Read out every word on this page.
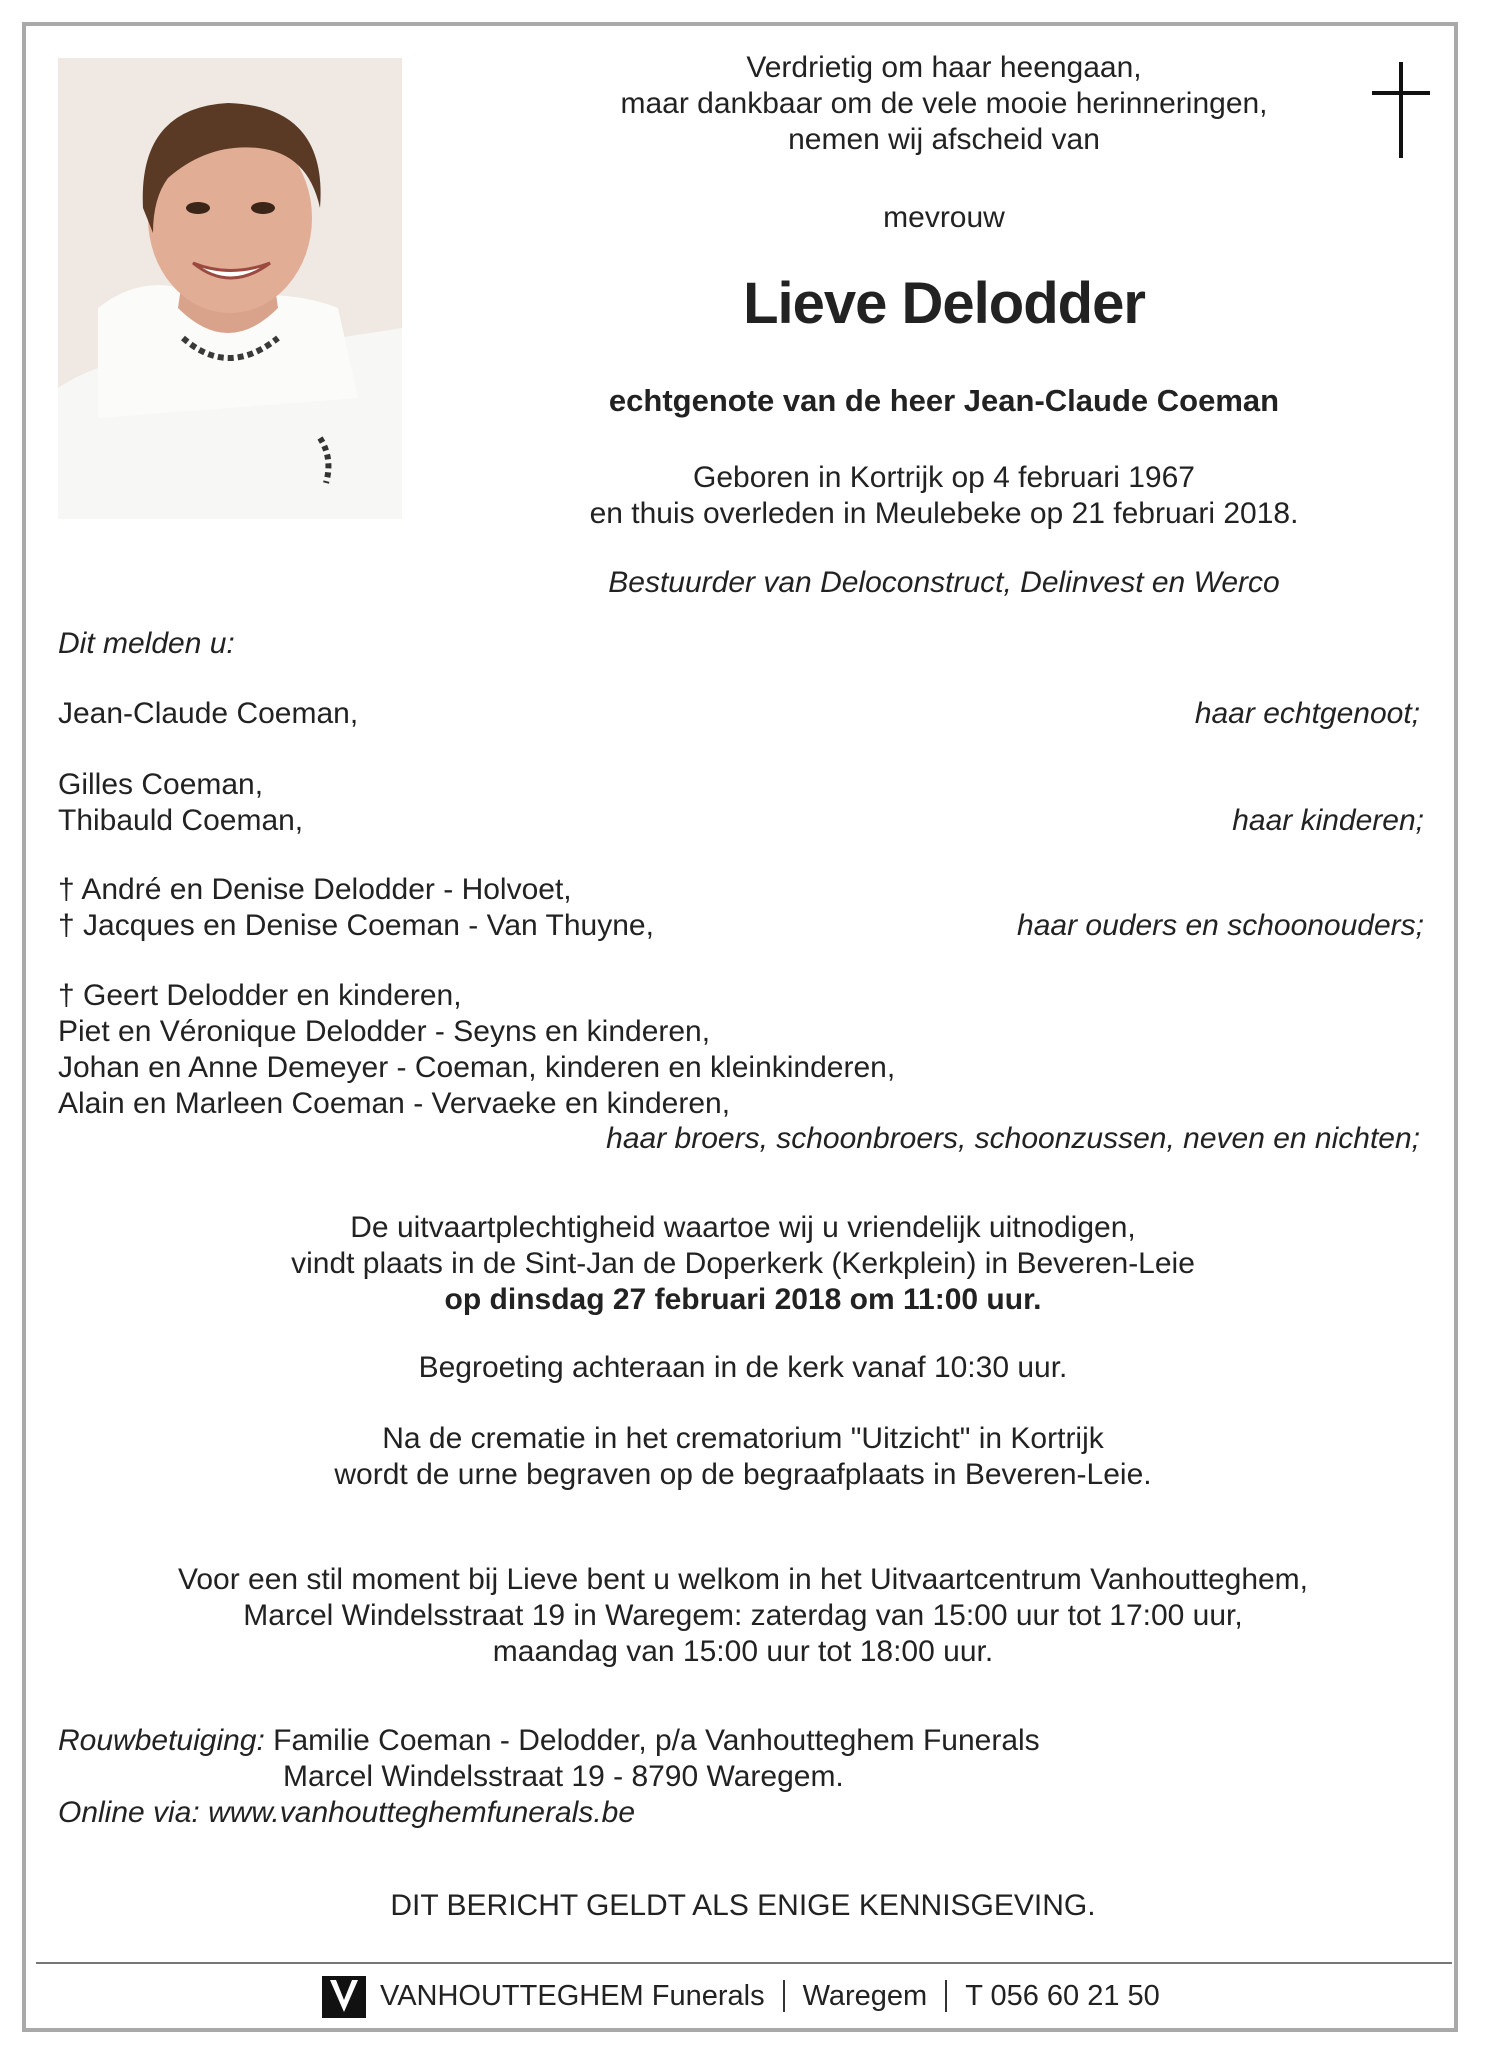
Verdrietig om haar heengaan,
maar dankbaar om de vele mooie herinneringen,
nemen wij afscheid van
mevrouw
Lieve Delodder
echtgenote van de heer Jean-Claude Coeman
Geboren in Kortrijk op 4 februari 1967
en thuis overleden in Meulebeke op 21 februari 2018.
Bestuurder van Deloconstruct, Delinvest en Werco
Dit melden u:
Jean-Claude Coeman,	haar echtgenoot;
Gilles Coeman,
Thibauld Coeman,	haar kinderen;
† André en Denise Delodder - Holvoet,
† Jacques en Denise Coeman - Van Thuyne,	haar ouders en schoonouders;
† Geert Delodder en kinderen,
Piet en Véronique Delodder - Seyns en kinderen,
Johan en Anne Demeyer - Coeman, kinderen en kleinkinderen,
Alain en Marleen Coeman - Vervaeke en kinderen,
haar broers, schoonbroers, schoonzussen, neven en nichten;
De uitvaartplechtigheid waartoe wij u vriendelijk uitnodigen,
vindt plaats in de Sint-Jan de Doperkerk (Kerkplein) in Beveren-Leie
op dinsdag 27 februari 2018 om 11:00 uur.
Begroeting achteraan in de kerk vanaf 10:30 uur.
Na de crematie in het crematorium "Uitzicht" in Kortrijk
wordt de urne begraven op de begraafplaats in Beveren-Leie.
Voor een stil moment bij Lieve bent u welkom in het Uitvaartcentrum Vanhoutteghem,
Marcel Windelsstraat 19 in Waregem: zaterdag van 15:00 uur tot 17:00 uur,
maandag van 15:00 uur tot 18:00 uur.
Rouwbetuiging: Familie Coeman - Delodder, p/a Vanhoutteghem Funerals
Marcel Windelsstraat 19 - 8790 Waregem.
Online via: www.vanhoutteghemfunerals.be
DIT BERICHT GELDT ALS ENIGE KENNISGEVING.
VANHOUTTEGHEM Funerals Waregem T 056 60 21 50
